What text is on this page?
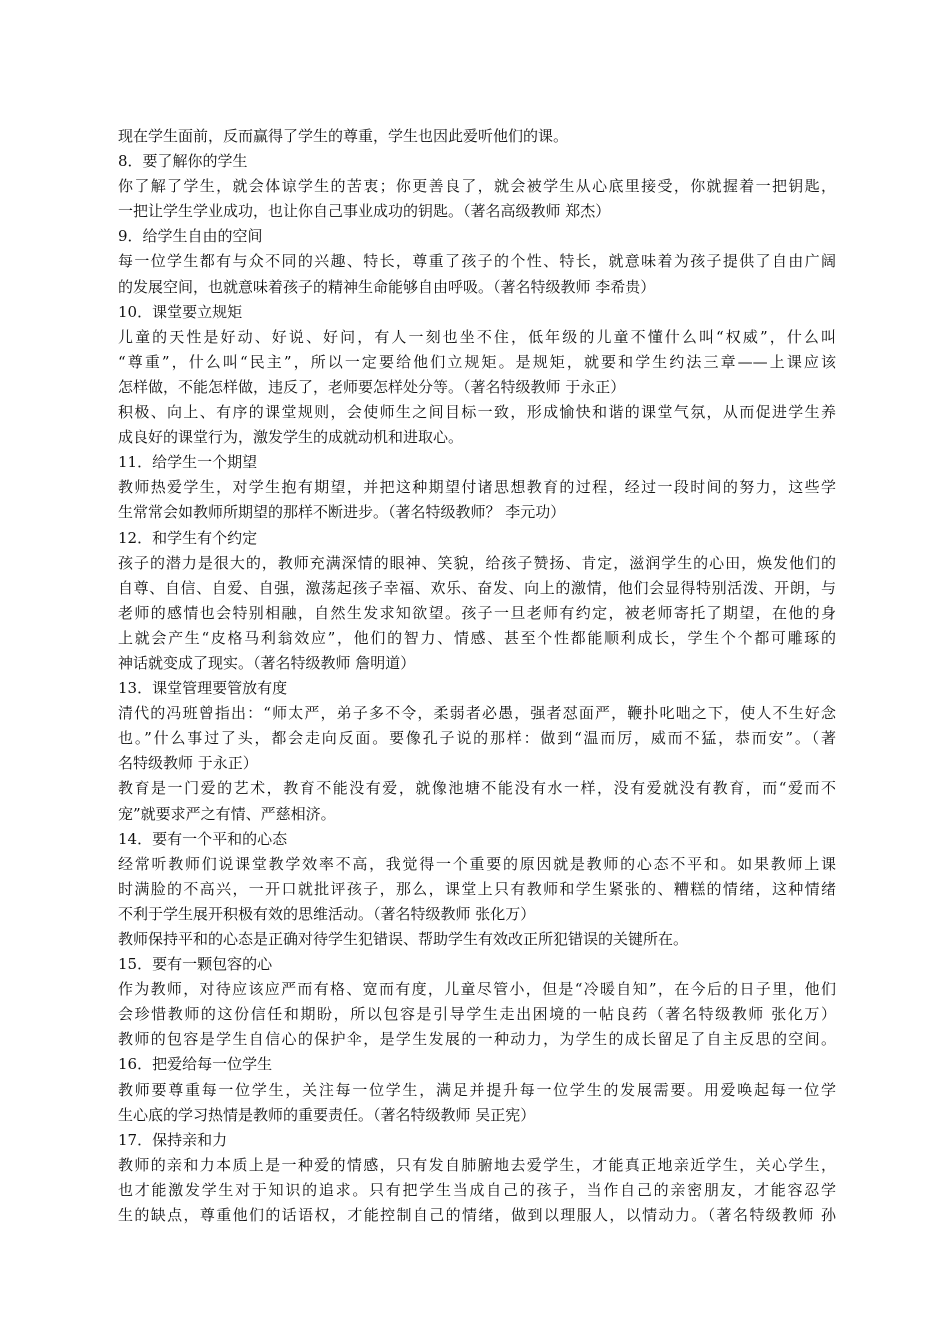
现在学生面前，反而赢得了学生的尊重，学生也因此爱听他们的课。
8．要了解你的学生
你了解了学生，就会体谅学生的苦衷；你更善良了，就会被学生从心底里接受，你就握着一把钥匙，
一把让学生学业成功，也让你自己事业成功的钥匙。（著名高级教师 郑杰）
9．给学生自由的空间
每一位学生都有与众不同的兴趣、特长，尊重了孩子的个性、特长，就意味着为孩子提供了自由广阔
的发展空间，也就意味着孩子的精神生命能够自由呼吸。（著名特级教师 李希贵）
10．课堂要立规矩
儿童的天性是好动、好说、好问，有人一刻也坐不住，低年级的儿童不懂什么叫“权威”，什么叫
“尊重”，什么叫“民主”，所以一定要给他们立规矩。是规矩，就要和学生约法三章——上课应该
怎样做，不能怎样做，违反了，老师要怎样处分等。（著名特级教师 于永正）
积极、向上、有序的课堂规则，会使师生之间目标一致，形成愉快和谐的课堂气氛，从而促进学生养
成良好的课堂行为，激发学生的成就动机和进取心。
11．给学生一个期望
教师热爱学生，对学生抱有期望，并把这种期望付诸思想教育的过程，经过一段时间的努力，这些学
生常常会如教师所期望的那样不断进步。（著名特级教师？ 李元功）
12．和学生有个约定
孩子的潜力是很大的，教师充满深情的眼神、笑貌，给孩子赞扬、肯定，滋润学生的心田，焕发他们的
自尊、自信、自爱、自强，激荡起孩子幸福、欢乐、奋发、向上的激情，他们会显得特别活泼、开朗，与
老师的感情也会特别相融，自然生发求知欲望。孩子一旦老师有约定，被老师寄托了期望，在他的身
上就会产生“皮格马利翁效应”，他们的智力、情感、甚至个性都能顺利成长，学生个个都可雕琢的
神话就变成了现实。（著名特级教师 詹明道）
13．课堂管理要管放有度
清代的冯班曾指出：“师太严，弟子多不令，柔弱者必愚，强者怼面严，鞭扑叱咄之下，使人不生好念
也。”什么事过了头，都会走向反面。要像孔子说的那样：做到“温而厉，威而不猛，恭而安”。（著
名特级教师 于永正）
教育是一门爱的艺术，教育不能没有爱，就像池塘不能没有水一样，没有爱就没有教育，而“爱而不
宠”就要求严之有情、严慈相济。
14．要有一个平和的心态
经常听教师们说课堂教学效率不高，我觉得一个重要的原因就是教师的心态不平和。如果教师上课
时满脸的不高兴，一开口就批评孩子，那么，课堂上只有教师和学生紧张的、糟糕的情绪，这种情绪
不利于学生展开积极有效的思维活动。（著名特级教师 张化万）
教师保持平和的心态是正确对待学生犯错误、帮助学生有效改正所犯错误的关键所在。
15．要有一颗包容的心
作为教师，对待应该应严而有格、宽而有度，儿童尽管小，但是“冷暖自知”，在今后的日子里，他们
会珍惜教师的这份信任和期盼，所以包容是引导学生走出困境的一帖良药（著名特级教师 张化万）
教师的包容是学生自信心的保护伞，是学生发展的一种动力，为学生的成长留足了自主反思的空间。
16．把爱给每一位学生
教师要尊重每一位学生，关注每一位学生，满足并提升每一位学生的发展需要。用爱唤起每一位学
生心底的学习热情是教师的重要责任。（著名特级教师 吴正宪）
17．保持亲和力
教师的亲和力本质上是一种爱的情感，只有发自肺腑地去爱学生，才能真正地亲近学生，关心学生，
也才能激发学生对于知识的追求。只有把学生当成自己的孩子，当作自己的亲密朋友，才能容忍学
生的缺点，尊重他们的话语权，才能控制自己的情绪，做到以理服人，以情动力。（著名特级教师 孙
